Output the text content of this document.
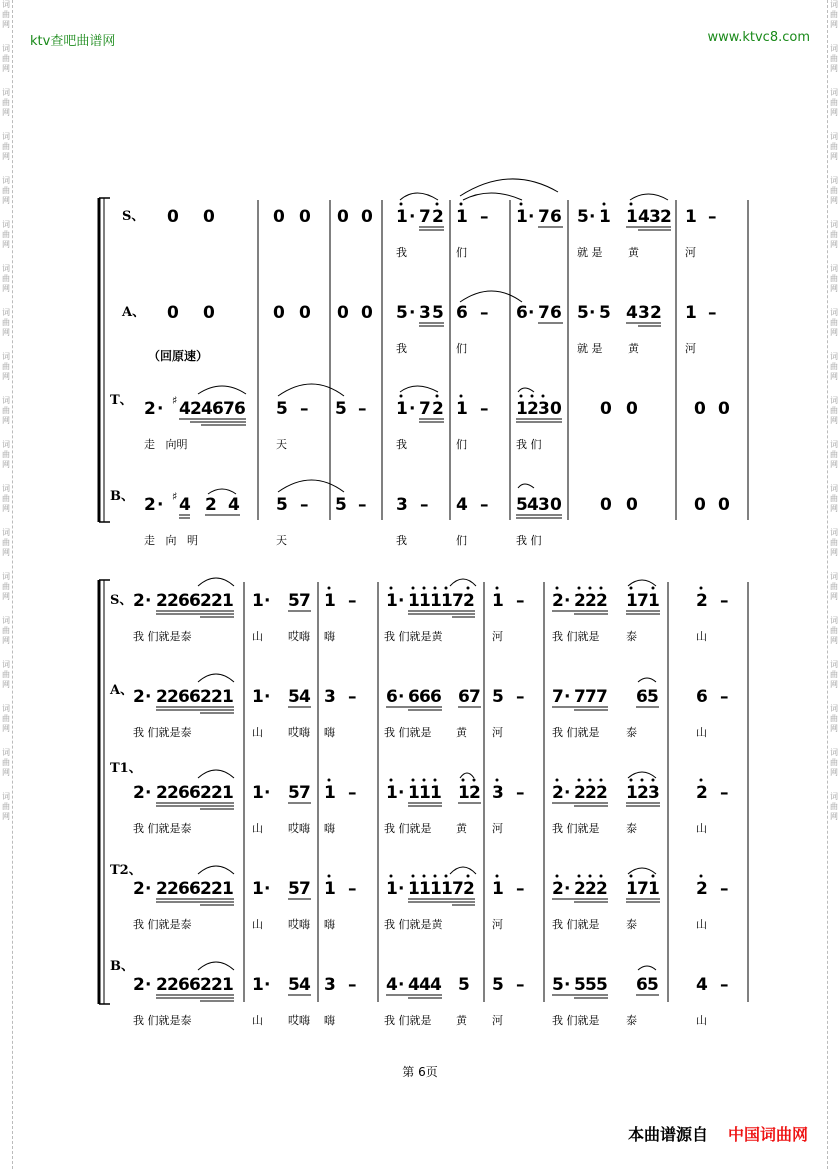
词
曲
网
词
曲
网
词
曲
网
词
曲
网
词
曲
网
词
曲
网
词
曲
网
词
曲
网
词
曲
网
词
曲
网
词
曲
网
词
曲
网
词
曲
网
词
曲
网
词
曲
网
词
曲
网
词
曲
网
词
曲
网
词
曲
网
词
曲
网
词
曲
网
词
曲
网
词
曲
网
词
曲
网
词
曲
网
词
曲
网
词
曲
网
词
曲
网
词
曲
网
词
曲
网
词
曲
网
词
曲
网
词
曲
网
词
曲
网
词
曲
网
词
曲
网
词
曲
网
词
曲
网
ktv查吧曲谱网	www.ktvc8.com
S、
A、
T、
B、
（回原速）
0 0	0 0 0 0 1 · 7 2 1 – 1 · 7 6 5 · 1 1 4 3 2 1 –
我	们	就 是 黄	河
0 0	0 0 0 0 5 · 3 5 6 – 6 · 7 6 5 · 5 4 3 2 1 –
我	们	就 是 黄	河
2 · ♯ 4 2 4 6 7 6 5 – 5 – 1 · 7 2 1 – 1 2 3 0 0 0	0 0
走   向明	天	我	们	我 们
2 · ♯ 4 2 4 5 – 5 – 3 – 4 – 5 4 3 0 0 0	0 0
走   向   明	天	我	们	我 们
S、
A、
T1、
T2、
B、
2 · 2 2 6 6 2 2 1 1 · 5 7 1 – 1 · 1 1 1 1 7 2 1 – 2 · 2 2 2 1 7 1 2 –
我 们就是泰	山 哎嗨 嗨	我 们就是黄	河	我 们就是 泰	山
2 · 2 2 6 6 2 2 1 1 · 5 4 3 – 6 · 6 6 6 6 7 5 – 7 · 7 7 7 6 5 6 –
我 们就是泰	山 哎嗨 嗨	我 们就是 黄 河	我 们就是 泰	山
2 · 2 2 6 6 2 2 1 1 · 5 7 1 – 1 · 1 1 1 1 2 3 – 2 · 2 2 2 1 2 3 2 –
我 们就是泰	山 哎嗨 嗨	我 们就是 黄 河	我 们就是 泰	山
2 · 2 2 6 6 2 2 1 1 · 5 7 1 – 1 · 1 1 1 1 7 2 1 – 2 · 2 2 2 1 7 1 2 –
我 们就是泰	山 哎嗨 嗨	我 们就是黄	河	我 们就是 泰	山
2 · 2 2 6 6 2 2 1 1 · 5 4 3 – 4 · 4 4 4 5 5 – 5 · 5 5 5 6 5 4 –
我 们就是泰	山 哎嗨 嗨	我 们就是 黄 河	我 们就是 泰	山
第 6页
本曲谱源自 中国词曲网
